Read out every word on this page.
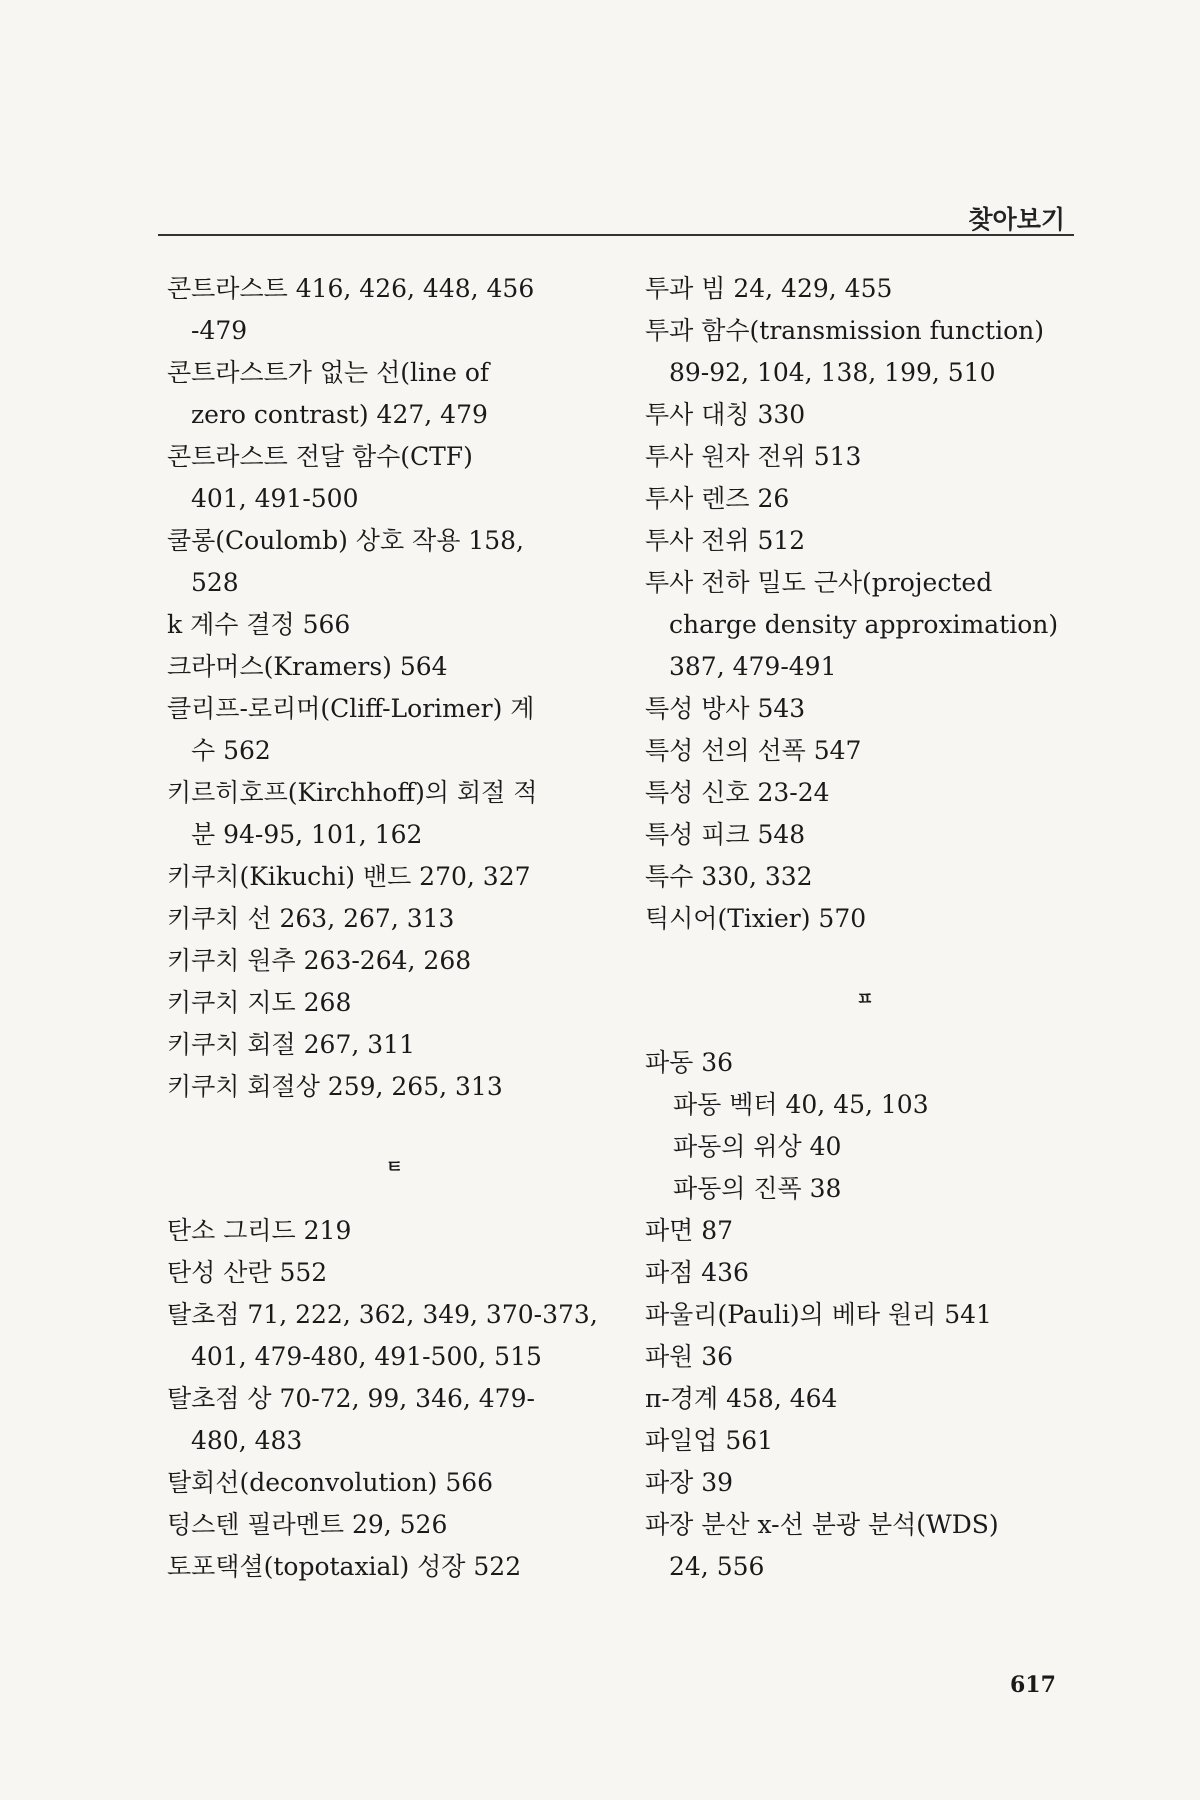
찾아보기
콘트라스트 416, 426, 448, 456
-479
콘트라스트가 없는 선(line of
zero contrast) 427, 479
콘트라스트 전달 함수(CTF)
401, 491-500
쿨롱(Coulomb) 상호 작용 158,
528
k 계수 결정 566
크라머스(Kramers) 564
클리프-로리머(Cliff-Lorimer) 계
수 562
키르히호프(Kirchhoff)의 회절 적
분 94-95, 101, 162
키쿠치(Kikuchi) 밴드 270, 327
키쿠치 선 263, 267, 313
키쿠치 원추 263-264, 268
키쿠치 지도 268
키쿠치 회절 267, 311
키쿠치 회절상 259, 265, 313
ㅌ
탄소 그리드 219
탄성 산란 552
탈초점 71, 222, 362, 349, 370-373,
401, 479-480, 491-500, 515
탈초점 상 70-72, 99, 346, 479-
480, 483
탈회선(deconvolution) 566
텅스텐 필라멘트 29, 526
토포택셜(topotaxial) 성장 522
투과 빔 24, 429, 455
투과 함수(transmission function)
89-92, 104, 138, 199, 510
투사 대칭 330
투사 원자 전위 513
투사 렌즈 26
투사 전위 512
투사 전하 밀도 근사(projected
charge density approximation)
387, 479-491
특성 방사 543
특성 선의 선폭 547
특성 신호 23-24
특성 피크 548
특수 330, 332
틱시어(Tixier) 570
ㅍ
파동 36
파동 벡터 40, 45, 103
파동의 위상 40
파동의 진폭 38
파면 87
파점 436
파울리(Pauli)의 베타 원리 541
파원 36
π-경계 458, 464
파일업 561
파장 39
파장 분산 x-선 분광 분석(WDS)
24, 556
617
